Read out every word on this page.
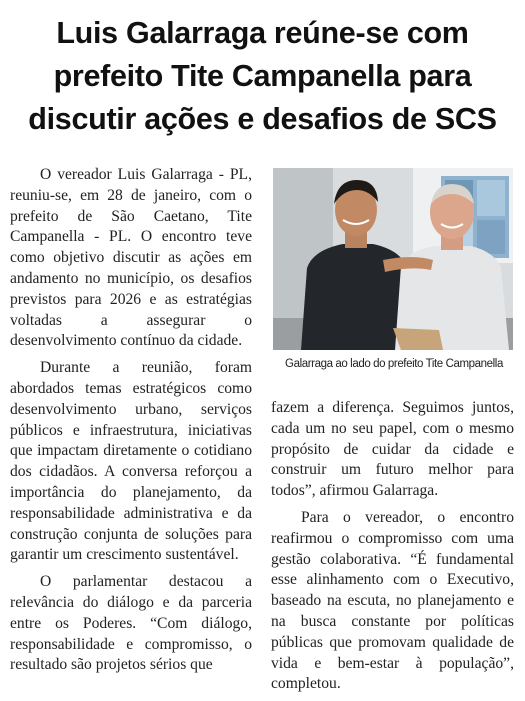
Luis Galarraga reúne-se com
prefeito Tite Campanella para
discutir ações e desafios de SCS

O vereador Luis Galarraga - PL, reuniu-se, em 28 de janeiro, com o prefeito de São Caetano, Tite Campanella - PL. O encontro teve como objetivo discutir as ações em andamento no município, os desafios previstos para 2026 e as estratégias voltadas a assegurar o desenvolvimento contínuo da cidade.

Durante a reunião, foram abordados temas estratégicos como desenvolvimento urbano, serviços públicos e infraestrutura, iniciativas que impactam diretamente o cotidiano dos cidadãos. A conversa reforçou a importância do planejamento, da responsabilidade administrativa e da construção conjunta de soluções para garantir um crescimento sustentável.

O parlamentar destacou a relevância do diálogo e da parceria entre os Poderes. “Com diálogo, responsabilidade e compromisso, o resultado são projetos sérios que

Galarraga ao lado do prefeito Tite Campanella

fazem a diferença. Seguimos juntos, cada um no seu papel, com o mesmo propósito de cuidar da cidade e construir um futuro melhor para todos”, afirmou Galarraga.

Para o vereador, o encontro reafirmou o compromisso com uma gestão colaborativa. “É fundamental esse alinhamento com o Executivo, baseado na escuta, no planejamento e na busca constante por políticas públicas que promovam qualidade de vida e bem-estar à população”, completou.
